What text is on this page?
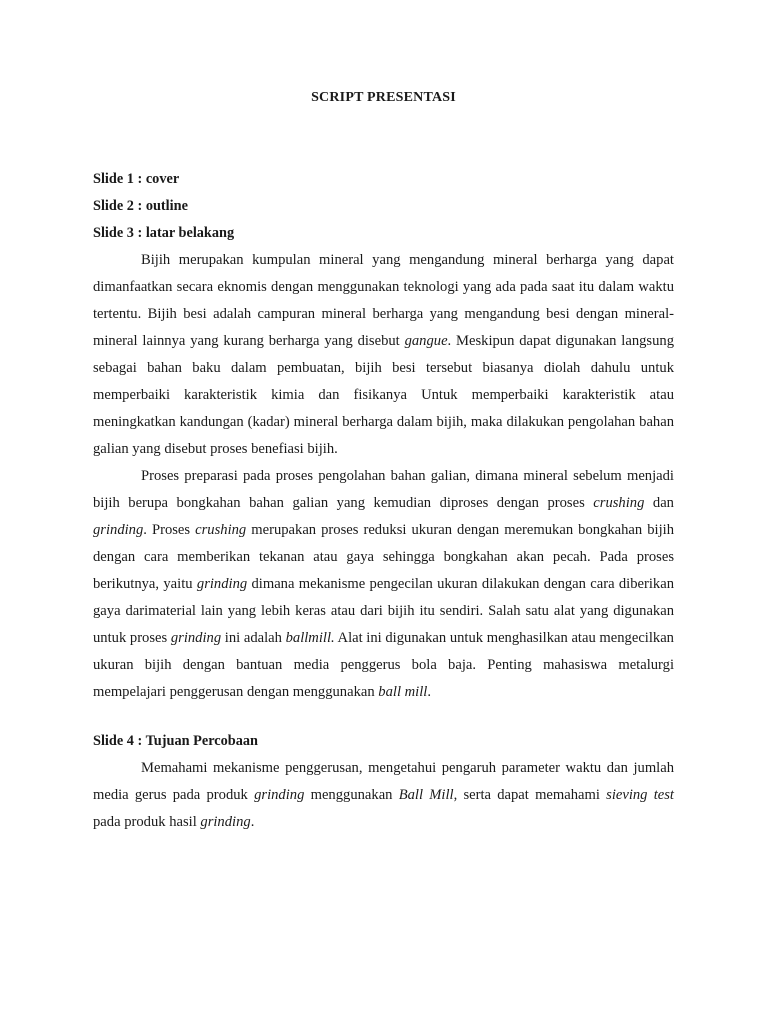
SCRIPT PRESENTASI

Slide 1 : cover

Slide 2 : outline

Slide 3 : latar belakang

Bijih merupakan kumpulan mineral yang mengandung mineral berharga yang dapat dimanfaatkan secara eknomis dengan menggunakan teknologi yang ada pada saat itu dalam waktu tertentu. Bijih besi adalah campuran mineral berharga yang mengandung besi dengan mineral-mineral lainnya yang kurang berharga yang disebut gangue. Meskipun dapat digunakan langsung sebagai bahan baku dalam pembuatan, bijih besi tersebut biasanya diolah dahulu untuk memperbaiki karakteristik kimia dan fisikanya Untuk memperbaiki karakteristik atau meningkatkan kandungan (kadar) mineral berharga dalam bijih, maka dilakukan pengolahan bahan galian yang disebut proses benefiasi bijih.

Proses preparasi pada proses pengolahan bahan galian, dimana mineral sebelum menjadi bijih berupa bongkahan bahan galian yang kemudian diproses dengan proses crushing dan grinding. Proses crushing merupakan proses reduksi ukuran dengan meremukan bongkahan bijih dengan cara memberikan tekanan atau gaya sehingga bongkahan akan pecah. Pada proses berikutnya, yaitu grinding dimana mekanisme pengecilan ukuran dilakukan dengan cara diberikan gaya darimaterial lain yang lebih keras atau dari bijih itu sendiri. Salah satu alat yang digunakan untuk proses grinding ini adalah ballmill. Alat ini digunakan untuk menghasilkan atau mengecilkan ukuran bijih dengan bantuan media penggerus bola baja. Penting mahasiswa metalurgi mempelajari penggerusan dengan menggunakan ball mill.

Slide 4 : Tujuan Percobaan

Memahami mekanisme penggerusan, mengetahui pengaruh parameter waktu dan jumlah media gerus pada produk grinding menggunakan Ball Mill, serta dapat memahami sieving test pada produk hasil grinding.
